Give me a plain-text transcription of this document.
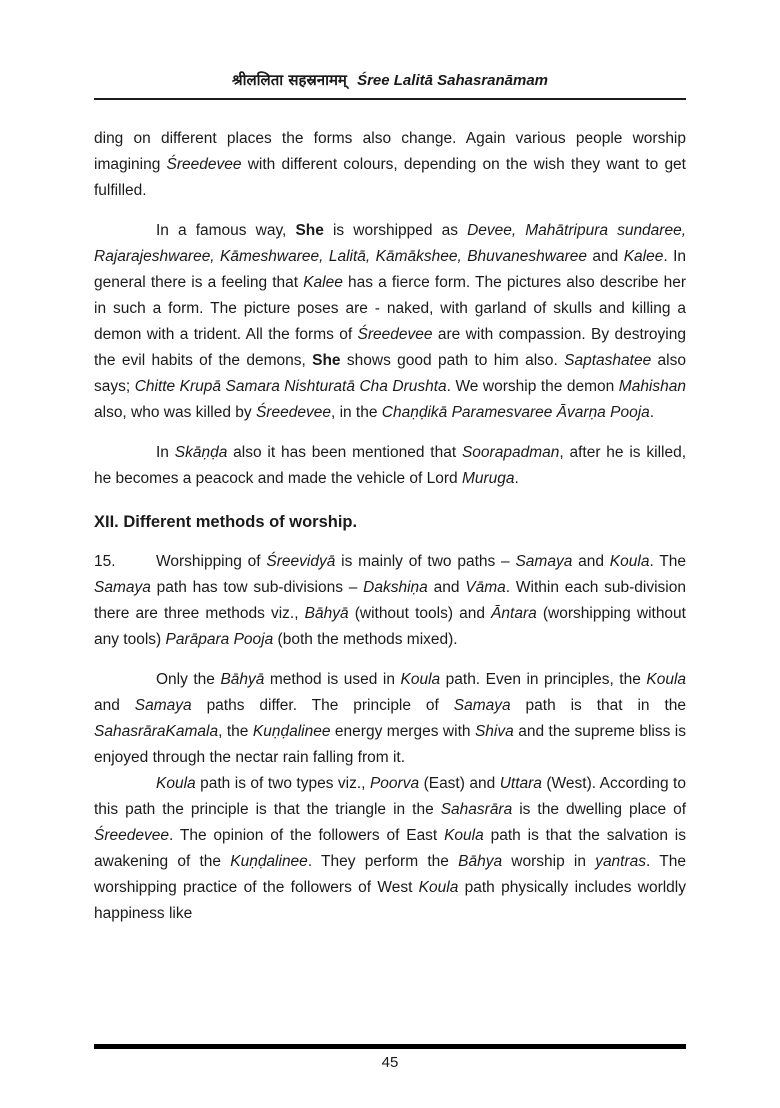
श्रीललिता सहस्रनामम् Śree Lalitā Sahasranāmam

ding on different places the forms also change. Again various people worship imagining Śreedevee with different colours, depending on the wish they want to get fulfilled.

In a famous way, She is worshipped as Devee, Mahātripura sundaree, Rajarajeshwaree, Kāmeshwaree, Lalitā, Kāmākshee, Bhuvaneshwaree and Kalee. In general there is a feeling that Kalee has a fierce form. The pictures also describe her in such a form. The picture poses are - naked, with garland of skulls and killing a demon with a trident. All the forms of Śreedevee are with compassion. By destroying the evil habits of the demons, She shows good path to him also. Saptashatee also says; Chitte Krupā Samara Nishturatā Cha Drushta. We worship the demon Mahishan also, who was killed by Śreedevee, in the Chaṇḍikā Paramesvaree Āvarṇa Pooja.

In Skāṇḍa also it has been mentioned that Soorapadman, after he is killed, he becomes a peacock and made the vehicle of Lord Muruga.

XII. Different methods of worship.

15.	Worshipping of Śreevidyā is mainly of two paths – Samaya and Koula. The Samaya path has tow sub-divisions – Dakshiṇa and Vāma. Within each sub-division there are three methods viz., Bāhyā (without tools) and Āntara (worshipping without any tools) Parāpara Pooja (both the methods mixed).

Only the Bāhyā method is used in Koula path. Even in principles, the Koula and Samaya paths differ. The principle of Samaya path is that in the SahasrāraKamala, the Kuṇḍalinee energy merges with Shiva and the supreme bliss is enjoyed through the nectar rain falling from it.

Koula path is of two types viz., Poorva (East) and Uttara (West). According to this path the principle is that the triangle in the Sahasrāra is the dwelling place of Śreedevee. The opinion of the followers of East Koula path is that the salvation is awakening of the Kuṇḍalinee. They perform the Bāhya worship in yantras. The worshipping practice of the followers of West Koula path physically includes worldly happiness like

45
